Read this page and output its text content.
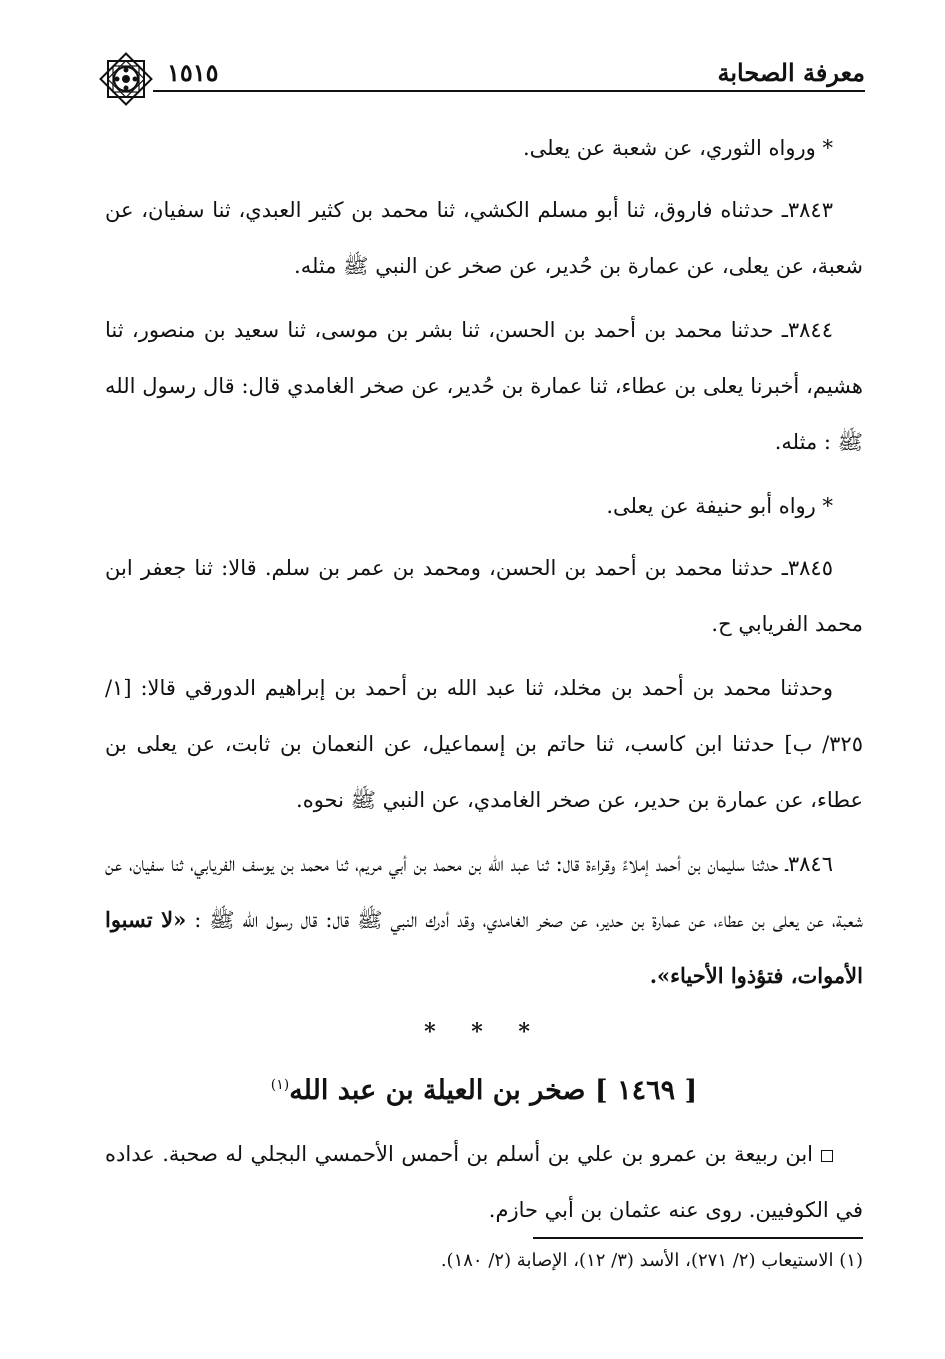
١٥١٥	معرفة الصحابة

* ورواه الثوري، عن شعبة عن يعلى.

٣٨٤٣ـ حدثناه فاروق، ثنا أبو مسلم الكشي، ثنا محمد بن كثير العبدي، ثنا سفيان، عن شعبة، عن يعلى، عن عمارة بن حُدير، عن صخر عن النبي ﷺ مثله.

٣٨٤٤ـ حدثنا محمد بن أحمد بن الحسن، ثنا بشر بن موسى، ثنا سعيد بن منصور، ثنا هشيم، أخبرنا يعلى بن عطاء، ثنا عمارة بن حُدير، عن صخر الغامدي قال: قال رسول الله ﷺ : مثله.

* رواه أبو حنيفة عن يعلى.

٣٨٤٥ـ حدثنا محمد بن أحمد بن الحسن، ومحمد بن عمر بن سلم. قالا: ثنا جعفر ابن محمد الفريابي ح.

وحدثنا محمد بن أحمد بن مخلد، ثنا عبد الله بن أحمد بن إبراهيم الدورقي قالا: [١/ ٣٢٥/ ب] حدثنا ابن كاسب، ثنا حاتم بن إسماعيل، عن النعمان بن ثابت، عن يعلى بن عطاء، عن عمارة بن حدير، عن صخر الغامدي، عن النبي ﷺ نحوه.

٣٨٤٦ـ حدثنا سليمان بن أحمد إملاءً وقراءة قال: ثنا عبد الله بن محمد بن أبي مريم، ثنا محمد بن يوسف الفريابي، ثنا سفيان، عن شعبة، عن يعلى بن عطاء، عن عمارة بن حدير، عن صخر الغامدي، وقد أدرك النبي ﷺ قال: قال رسول الله ﷺ : «لا تسبوا الأموات، فتؤذوا الأحياء».

* * *
[ ١٤٦٩ ] صخر بن العيلة بن عبد الله$^{(١)}$

ابن ربيعة بن عمرو بن علي بن أسلم بن أحمس الأحمسي البجلي له صحبة. عداده في الكوفيين. روى عنه عثمان بن أبي حازم.

(١) الاستيعاب (٢/ ٢٧١)، الأسد (٣/ ١٢)، الإصابة (٢/ ١٨٠).
